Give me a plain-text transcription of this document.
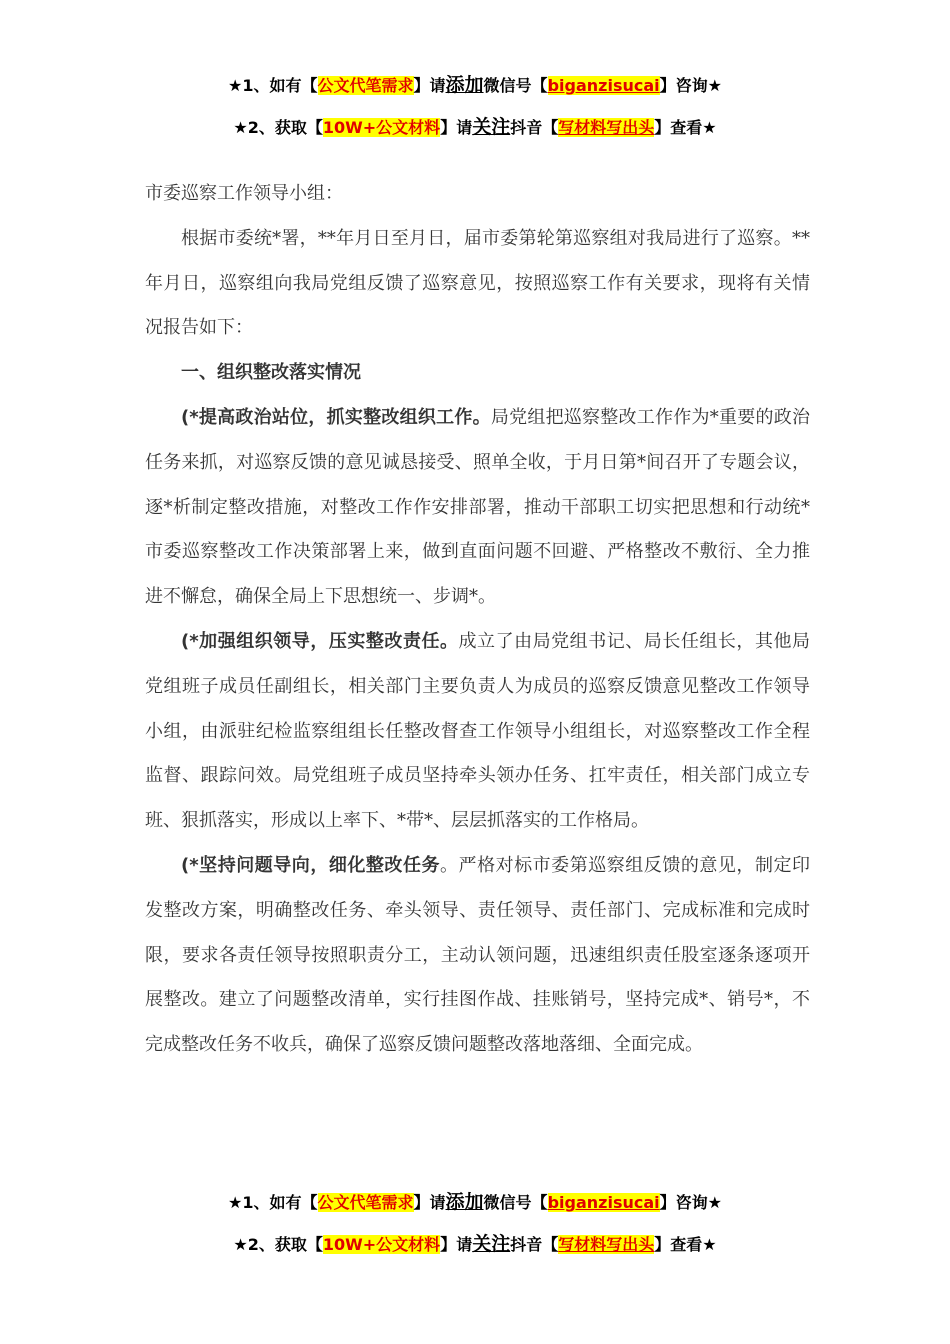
★1、如有【公文代笔需求】请添加微信号【biganzisucai】咨询★
★2、获取【10W+公文材料】请关注抖音【写材料写出头】查看★

市委巡察工作领导小组：

根据市委统*署，**年月日至月日，届市委第轮第巡察组对我局进行了巡察。**年月日，巡察组向我局党组反馈了巡察意见，按照巡察工作有关要求，现将有关情况报告如下：

一、组织整改落实情况

(*提高政治站位，抓实整改组织工作。局党组把巡察整改工作作为*重要的政治任务来抓，对巡察反馈的意见诚恳接受、照单全收，于月日第*间召开了专题会议，逐*析制定整改措施，对整改工作作安排部署，推动干部职工切实把思想和行动统*市委巡察整改工作决策部署上来，做到直面问题不回避、严格整改不敷衍、全力推进不懈怠，确保全局上下思想统一、步调*。

(*加强组织领导，压实整改责任。成立了由局党组书记、局长任组长，其他局党组班子成员任副组长，相关部门主要负责人为成员的巡察反馈意见整改工作领导小组，由派驻纪检监察组组长任整改督查工作领导小组组长，对巡察整改工作全程监督、跟踪问效。局党组班子成员坚持牵头领办任务、扛牢责任，相关部门成立专班、狠抓落实，形成以上率下、*带*、层层抓落实的工作格局。

(*坚持问题导向，细化整改任务。严格对标市委第巡察组反馈的意见，制定印发整改方案，明确整改任务、牵头领导、责任领导、责任部门、完成标准和完成时限，要求各责任领导按照职责分工，主动认领问题，迅速组织责任股室逐条逐项开展整改。建立了问题整改清单，实行挂图作战、挂账销号，坚持完成*、销号*，不完成整改任务不收兵，确保了巡察反馈问题整改落地落细、全面完成。

★1、如有【公文代笔需求】请添加微信号【biganzisucai】咨询★
★2、获取【10W+公文材料】请关注抖音【写材料写出头】查看★
